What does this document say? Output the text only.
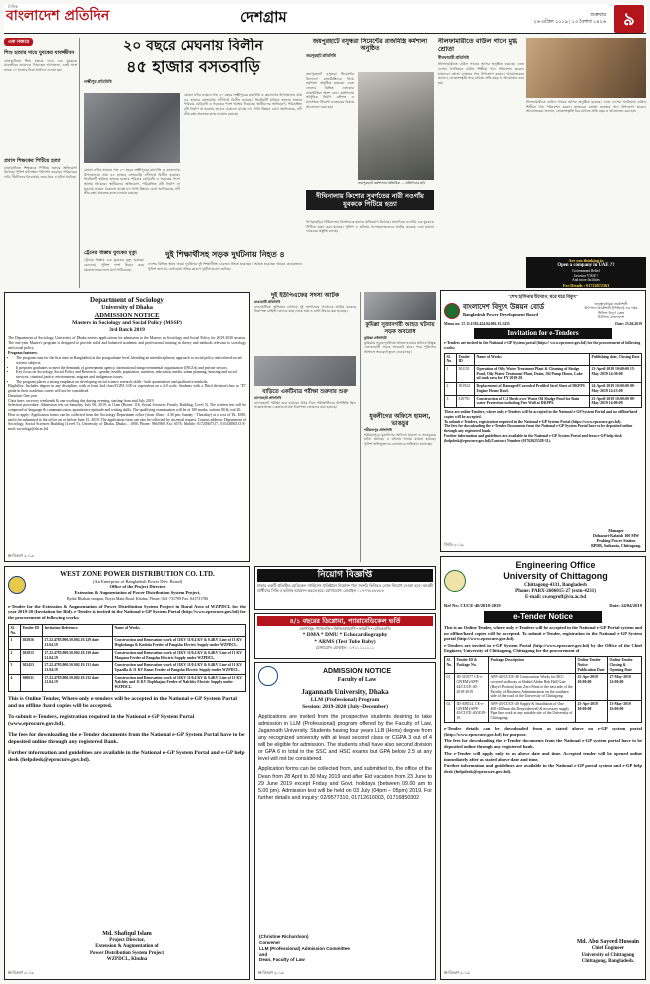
দৈনিক
বাংলাদেশ প্রতিদিন	দেশগ্রাম	শুক্রবার
২৬ এপ্রিল ২০১৯ | ১৩ বৈশাখ ১৪২৬ ৯
এক নজরে
শিশু হত্যার দায়ে যুবকের যাবজ্জীবন
ঝালকাঠিতে শিশু হত্যার দায়ে এক যুবককে যাবজ্জীবন কারাদণ্ড দিয়েছেন আদালত। একই সঙ্গে তাকে ২০ হাজার টাকা অর্থদণ্ড দেওয়া হয়।
প্রবাস শিক্ষকের পিটিয়ে হত্যা
ঝালকাঠিতে শিক্ষককে পিটিয়ে হত্যার অভিযোগ উঠেছে। পুলিশ ঘটনাস্থল পরিদর্শন করেছে। পরিবারের দাবি, দীর্ঘদিনের বিরোধের জের ধরে এ ঘটনা ঘটেছে।
২০ বছরে মেঘনায় বিলীন
৪৫ হাজার বসতবাড়ি
লক্ষ্মীপুর প্রতিনিধি
মেঘনা নদীর ভাঙনে গত ২০ বছরে লক্ষ্মীপুরের রামগতি ও কমলনগর উপজেলায় প্রায় ৪৫ হাজার বসতবাড়ি নদীগর্ভে বিলীন হয়েছে। ভিটেমাটি হারিয়ে হাজার হাজার পরিবার বেড়িবাঁধ ও সড়কের পাশে আশ্রয় নিয়েছে। স্থানীয়দের অভিযোগ, পরিকল্পিত বাঁধ নির্মাণ না হওয়ায় ভাঙন ঠেকানো যাচ্ছে না। পানি উন্নয়ন বোর্ড জানিয়েছে, নদী তীর রক্ষা প্রকল্পের কাজ চলমান রয়েছে।
মেঘনা নদীর ভাঙনে গত ২০ বছরে লক্ষ্মীপুরের রামগতি ও কমলনগর উপজেলায় প্রায় ৪৫ হাজার বসতবাড়ি নদীগর্ভে বিলীন হয়েছে। ভিটেমাটি হারিয়ে হাজার হাজার পরিবার বেড়িবাঁধ ও সড়কের পাশে আশ্রয় নিয়েছে। স্থানীয়দের অভিযোগ, পরিকল্পিত বাঁধ নির্মাণ না হওয়ায় ভাঙন ঠেকানো যাচ্ছে না। পানি উন্নয়ন বোর্ড জানিয়েছে, নদী তীর রক্ষা প্রকল্পের কাজ চলমান রয়েছে।
ট্রেনের ধাক্কায় যুবকের মৃত্যু
ট্রেনের ধাক্কায় এক যুবকের মৃত্যু হয়েছে। রেলওয়ে পুলিশ লাশ উদ্ধার করে ময়নাতদন্তের জন্য মর্গে পাঠিয়েছে।
দুই শিক্ষার্থীসহ সড়ক দুর্ঘটনায় নিহত ৪
দেশের বিভিন্ন স্থানে সড়ক দুর্ঘটনায় দুই শিক্ষার্থীসহ চারজন নিহত হয়েছেন। আহত হয়েছেন আরও কয়েকজন। পুলিশ জানায়, বেপরোয়া গতির কারণে দুর্ঘটনাগুলো ঘটেছে।
জয়পুরহাটে বসুন্ধরা সিমেন্টের রাজমিস্ত্রি কর্মশালা অনুষ্ঠিত
জয়পুরহাট প্রতিনিধি
জয়পুরহাটে বসুন্ধরা সিমেন্টের উদ্যোগে রাজমিস্ত্রিদের নিয়ে কর্মশালা অনুষ্ঠিত হয়েছে। এতে জেলার বিভিন্ন এলাকার রাজমিস্ত্রিরা অংশ নেন। কর্মশালায় আধুনিক নির্মাণ কৌশল ও মানসম্মত সিমেন্ট ব্যবহারের বিষয়ে আলোচনা করা হয়।
জয়পুরহাটে কর্মশালায় অতিথিরা — প্রতিদিনের ছবি
দীঘিনালায় কিশোর সুবর্ণতের নারী নওগাঁয় যুবককে পিটিয়ে হত্যা
খাগড়াছড়ির দীঘিনালায় কিশোরকে হত্যার অভিযোগ উঠেছে। অন্যদিকে নওগাঁয় এক যুবককে পিটিয়ে হত্যা করা হয়েছে। পুলিশ এ ঘটনায় সন্দেহভাজনদের আটক করেছে এবং মামলা দায়েরের প্রস্তুতি চলছে।
নীলফামারীতে বাউল গানে মুগ্ধ শ্রোতা
নীলফামারী প্রতিনিধি
নীলফামারীতে বাউল গানের আসর অনুষ্ঠিত হয়েছে। এতে দেশের খ্যাতিমান বাউল শিল্পীরা গান পরিবেশন করেন। হাজারো শ্রোতা রাতভর গান উপভোগ করেন। আয়োজকরা জানান, লোকসংস্কৃতি ধরে রাখতে প্রতি বছর এ আয়োজন করা হয়।
নীলফামারীতে বাউল গানের আসর অনুষ্ঠিত হয়েছে। এতে দেশের খ্যাতিমান বাউল শিল্পীরা গান পরিবেশন করেন। হাজারো শ্রোতা রাতভর গান উপভোগ করেন। আয়োজকরা জানান, লোকসংস্কৃতি ধরে রাখতে প্রতি বছর এ আয়োজন করা হয়।
Are you thinking to
Open a company in UAE ??
Government Relief
Investor VISA!!
And more facilities
For Details : 01714072363
Department of Sociology
University of Dhaka
ADMISSION NOTICE
Masters in Sociology and Social Policy (MSSP)
3rd Batch 2019
The Department of Sociology, University of Dhaka invites applications for admission to the Masters in Sociology and Social Policy for 2019-2020 session. The one-year Master's program is designed to provide solid and balanced academic and professional training in theory and methods relevant to sociology and social policy.
Program features:
• The program runs for the first time in Bangladesh at the postgraduate level, blending an interdisciplinary approach to social policy and related social science subjects.
• It prepares graduates to meet the demands of government agency, international nongovernmental organization (INGOs) and private sectors.
• Key focus on Sociology, Social Policy and Research – gender, health, population, nutrition, education, media, urban planning, housing and social services, criminal justice, environment, migrant and indigenous issues.
• The program places a strong emphasis on developing social science research skills - both quantitative and qualitative methods.
Eligibility: Includes degree in any discipline, with at least 2nd class/CGPA 3.00 or equivalent on a 4.0 scale. Students with a Third division/class or "D" grade in their academic career will not be considered.
Duration: One year
Class time: on every weekends & one working day during evening, starting from mid July 2019
Selection procedure: Admission test on Saturday, July 06, 2019, at 11am (Room: 116, Social Sciences Faculty Building, Level 5). The written test will be composed of language & communication, quantitative aptitude and writing skills. The qualifying examination will be of 100 marks: written 80 & oral 20.
How to apply: Application forms can be collected from the Sociology Department office (from 10am - 4.30 pm, Sunday - Thursday) at a cost of Tk. 1000, and to be submitted to the office on or before June 15, 2019. The application form can also be collected by an email request. Contact address: Department of Sociology, Social Sciences Building (Level 5), University of Dhaka, Dhaka – 1000. Phone: 9661900 Ext: 6576. Mobile: 01720367517, 01543856513 E-mail: sociology@du.ac.bd
Sl-বিতরণ ২০১৯
দুই ইউপিএফের সদস্য আটক
রাঙামাটি প্রতিনিধি
রাঙামাটিতে অভিযান চালিয়ে দুই সংগঠনের সদস্যকে আটক করেছে নিরাপত্তা বাহিনী। তাদের কাছ থেকে অস্ত্র ও গুলি উদ্ধার করা হয়েছে।
বাড়িতে একটিমাত্র পরীক্ষা শুরুবার শুরু
বাগেরহাট প্রতিনিধি
বাগেরহাটে পরীক্ষা শুরু হয়েছে। প্রথম দিনে পরীক্ষার্থীদের উপস্থিতি ছিল সন্তোষজনক। কেন্দ্রগুলোতে নিরাপত্তা জোরদার করা হয়েছে।
কুমিল্লা সুজানগরী আহত ঘটনায় সড়ক অবরোধ
কুমিল্লা প্রতিনিধি
কুমিল্লায় সড়ক দুর্ঘটনায় আহত হওয়ার ঘটনায় বিক্ষুব্ধ এলাকাবাসী সড়ক অবরোধ করে। পরে পুলিশের আশ্বাসে অবরোধ তুলে নেওয়া হয়।
যুবলীগের অফিসে হামলা, ভাঙচুর
শরীয়তপুর প্রতিনিধি
শরীয়তপুরে যুবলীগের অফিসে হামলা ও ভাঙচুরের ঘটনা ঘটেছে। এ ঘটনায় থানায় মামলা হয়েছে। পুলিশ অভিযুক্তদের গ্রেফতারে অভিযান চালাচ্ছে।
"শেখ হাসিনার উদ্যোগ, ঘরে ঘরে বিদ্যুৎ"
বাংলাদেশ বিদ্যুৎ উন্নয়ন বোর্ড
Bangladesh Power Development Board
তত্ত্বাবধায়ক প্রকৌশলী
উৎপাদন প্রকৌশলী (সিভিল) এর দপ্তর
সিভিল বিদ্যুৎ কেন্দ্র
চিটাগাং, বাংলাদেশ
Memo no: 27.11.1582.424.04.002.15.1435	Date: 23.04.2019
Invitation for e-Tenders
e-Tenders are invited in the National e-GP System portal (https:// www.eprocure.gov.bd) for the procurement of following works:
Sl. No.	Tender ID	Name of Works	Publishing date, Closing Date
1	301151	Operation of Oily Water Treatment Plant & Cleaning of Sludge Pond, Oily Water Treatment Plant, Drain, Oil Pump House, Lube oil tank area for FY 2019-20.	23-April-2019 10:00:00 15-May-2019 14:30:00
2	301924	Replacement of Damaged/Corroded Profiled Steel Sheet of DKPPS Engine House Roof.	24-April-2019 10:00:00 09-May-2019 14:15:00
3	310791	Construction of C.I Sheds over Waste Oil Sludge Pond for Rain water Protection including Fire Wall at DKPPS.	23-April-2019 10:00:00 09-May-2019 14:00:00
These are online Tenders, where only e-Tenders will be accepted in the National e-GP System Portal and no offline/hard copies will be accepted.
To submit e-Tenders, registration required in the National e-GP System Portal (https://www.eprocure.gov.bd).
The fees for downloading the e-Tender Documents from the National e-GP System Portal have to be deposited online through any registered bank.
Further information and guidelines are available in the National e-GP System Portal and from e-GP help desk (helpdesk@eprocure.gov.bd)/Contract Number (01762625528-31).
Manager
Dohazari-Kalaish 100 MW
Peaking Power Station
BPDB, Satkania, Chittagong.
জিডি-২০১৯
WEST ZONE POWER DISTRIBUTION CO. LTD.
(An Enterprise of Bangladesh Power Dev. Board)
Office of the Project Director
Extension & Augmentation of Power Distribution System Project,
Bydut Bhaban campus, Boyra Main Road, Khulna. Phone: 041-731789 Fax: 041731786
e-Tender for the Extension & Augmentation of Power Distribution System Project in Rural Area of WZPDCL for the year 2019-20 (Invitation for Bid). e-Tender is invited in the National e-GP System Portal (http://www.eprocure.gov.bd) for the procurement of following works:
Sl. No.	Tender ID	Invitation Reference	Name of Works
1	302816	27.22.4785.900.50.002.19.129 date 21.04.19	Construction and Renovation work of 11KV 11/0.4 KV & 0.4KV Line of 11 KV Heglodanga & Kushtia Feeder of Pangsha Electric Supply under WZPDCL.
2	302815	27.22.4785.900.50.002.19.130 date 21.04.19	Construction and Renovation work of 11KV 11/0.4 KV & 0.4KV Line of 11 KV Maspara Feeder of Pangsha Electric Supply under WZPDCL.
3	302453	27.22.4785.900.50.002.19.131 date 21.04.19	Construction and Renovation work of 11KV 11/0.4 KV & 0.4KV Line of 11 KV Upazilla & 11 KV Bazar Feeder of Pangsha Electric Supply under WZPDCL.
4	300631	27.22.4785.900.50.002.19.132 date 21.04.19	Construction and Renovation work of 11KV 11/0.4 KV & 0.4KV Line of 11 KV Nalchity and 11 KV Dopbhajan Feeder of Nalchity Electric Supply under WZPDCL.
This is Online Tender, Where only e-tenders will be accepted in the National e-GP System Portal and no offline /hard copies will be accepted.
To submit e-Tenders, registration required in the National e-GP System Portal (www.eprocure.gov.bd).
The fees for downloading the e-Tender documents from the National e-GP System Portal have to be deposited online through any registered Bank.
Further information and guidelines are available in the National e-GP System Portal and e-GP help desk (helpdesk@eprocure.gov.bd).
Md. Shafiqul Islam
Project Director,
Extension & Augmentation of
Power Distribution System Project
WZPDCL, Khulna
Sl-বিতরণ ২০১৯
নিয়োগ বিজ্ঞপ্তি
ঢাকার একটি প্রতিষ্ঠিত মেডিকেল সার্ভিসেস প্রতিষ্ঠানে নিম্নোক্ত পদে জরুরি ভিত্তিতে লোক নিয়োগ দেওয়া হবে। আগ্রহী প্রার্থীদের সিভি ও ছবিসহ আবেদন করতে হবে। যোগাযোগ: মোবাইল ০১৭৭৭৮৮৮৮৮৮
৪/১ বছরের ডিপ্লোমা, প্যারামেডিকেল ভর্তি
কোর্সসমূহ: প্যাথলজি • ফিজিওথেরাপি • ফার্মেসি • রেডিওলজি
* DMA * DMU * Echocardiography
* ARMS (Test Tube Baby)
যোগাযোগ: মোবাইল ০১৭১১১১১১১১
ADMISSION NOTICE
Faculty of Law
Jagannath University, Dhaka
LLM (Professional) Program
Session: 2019-2020 (July–December)
Applications are invited from the prospective students desiring to take admission in LLM (Professional) program offered by the Faculty of Law, Jagannath University. Students having four years LLB (Hons) degree from any recognized university with at least second class or CGPA 3 out of 4 will be eligible for admission. The students shall have also second division or GPA 6 in total in the SSC and HSC exams but GPA below 2.5 at any level will not be considered.
Application forms can be collected from, and submitted to, the office of the Dean from 28 April to 30 May 2019 and after Eid vacation from 23 June to 29 June 2019 except Friday and Govt. holidays (between 09.00 am to 5.00 pm). Admission test will be held on 03 July (04pm – 05pm) 2019. For further details and inquiry: 02/9577310, 01712616003, 01716850302
(Christine Richardson)
Convener
LLM (Professional) Admission Committee
and
Dean, Faculty of Law
Sl-বিতরণ ২০১৯
Engineering Office
University of Chittagong
Chittagong-4331, Bangladesh
Phone: PABX-2606015-27 (extn-4231)
E-mail: ce.engroff@cu.ac.bd
Ref No: CUCE-40/2018-2019	Date: 24/04/2019
e-Tender Notice
This is an Online Tender, where only e-Tenders will be accepted in the National e-GP Portal system and no offline/hard copies will be accepted. To submit e-Tender, registration in the National e-GP System portal (http://www.eprocure.gov.bd).
e-Tenders are invited in e-GP System Portal (http://www.eprocure.gov.bd) by the Office of the Chief Engineer, University of Chittagong, Chittagong for the procurement of
Sl. No.	Tender ID & Package No.	Package Description	Online Tender Notice Publication Date	Online Tender Closing & Opening Date
01	ID-310377 CE-e-GP(EM)/APP-44/CUCE-40-2018-2019	APP-44/CUCE-40 Construction Works for RCC covered walkway at Shahid Abdur Rob Hall Gate (Bayel Portion) from Zero Point to the east side of the Faculty of Business Administration on the southern side of the road of the University of Chittagong.	25-Apr-2019 10:00:00	27-May-2019 12:00:00
02	ID-308514, CE-e-GP(EM)/APP-45/CUCE-40/2018-19	APP-45/CUCE-40 Supply & Installation of One 400×200mm dia Deep tubewell & necessary supply Pipe line work at any suitable site of the University of Chittagong.	25-Apr-2019 10:00:00	13-May-2019 12:00:00
e-Tender details can be downloaded from as stated above on e-GP system portal (http://www.eprocure.gov.bd) for purpose.
The fees for downloading the e-Tender documents from the National e-GP system portal have to be deposited online through any registered bank.
The e-Tender will apply only to as above date and time. Accepted tender will be opened online immediately after as stated above date and time.
Further information and guidelines are available in the National e-GP portal system and e-GP help desk (helpdesk@eprocure.gov.bd).
Md. Abu Sayeed Hussain
Chief Engineer
University of Chittagong
Chittagong, Bangladesh.
Sl-বিতরণ ২০১৯
